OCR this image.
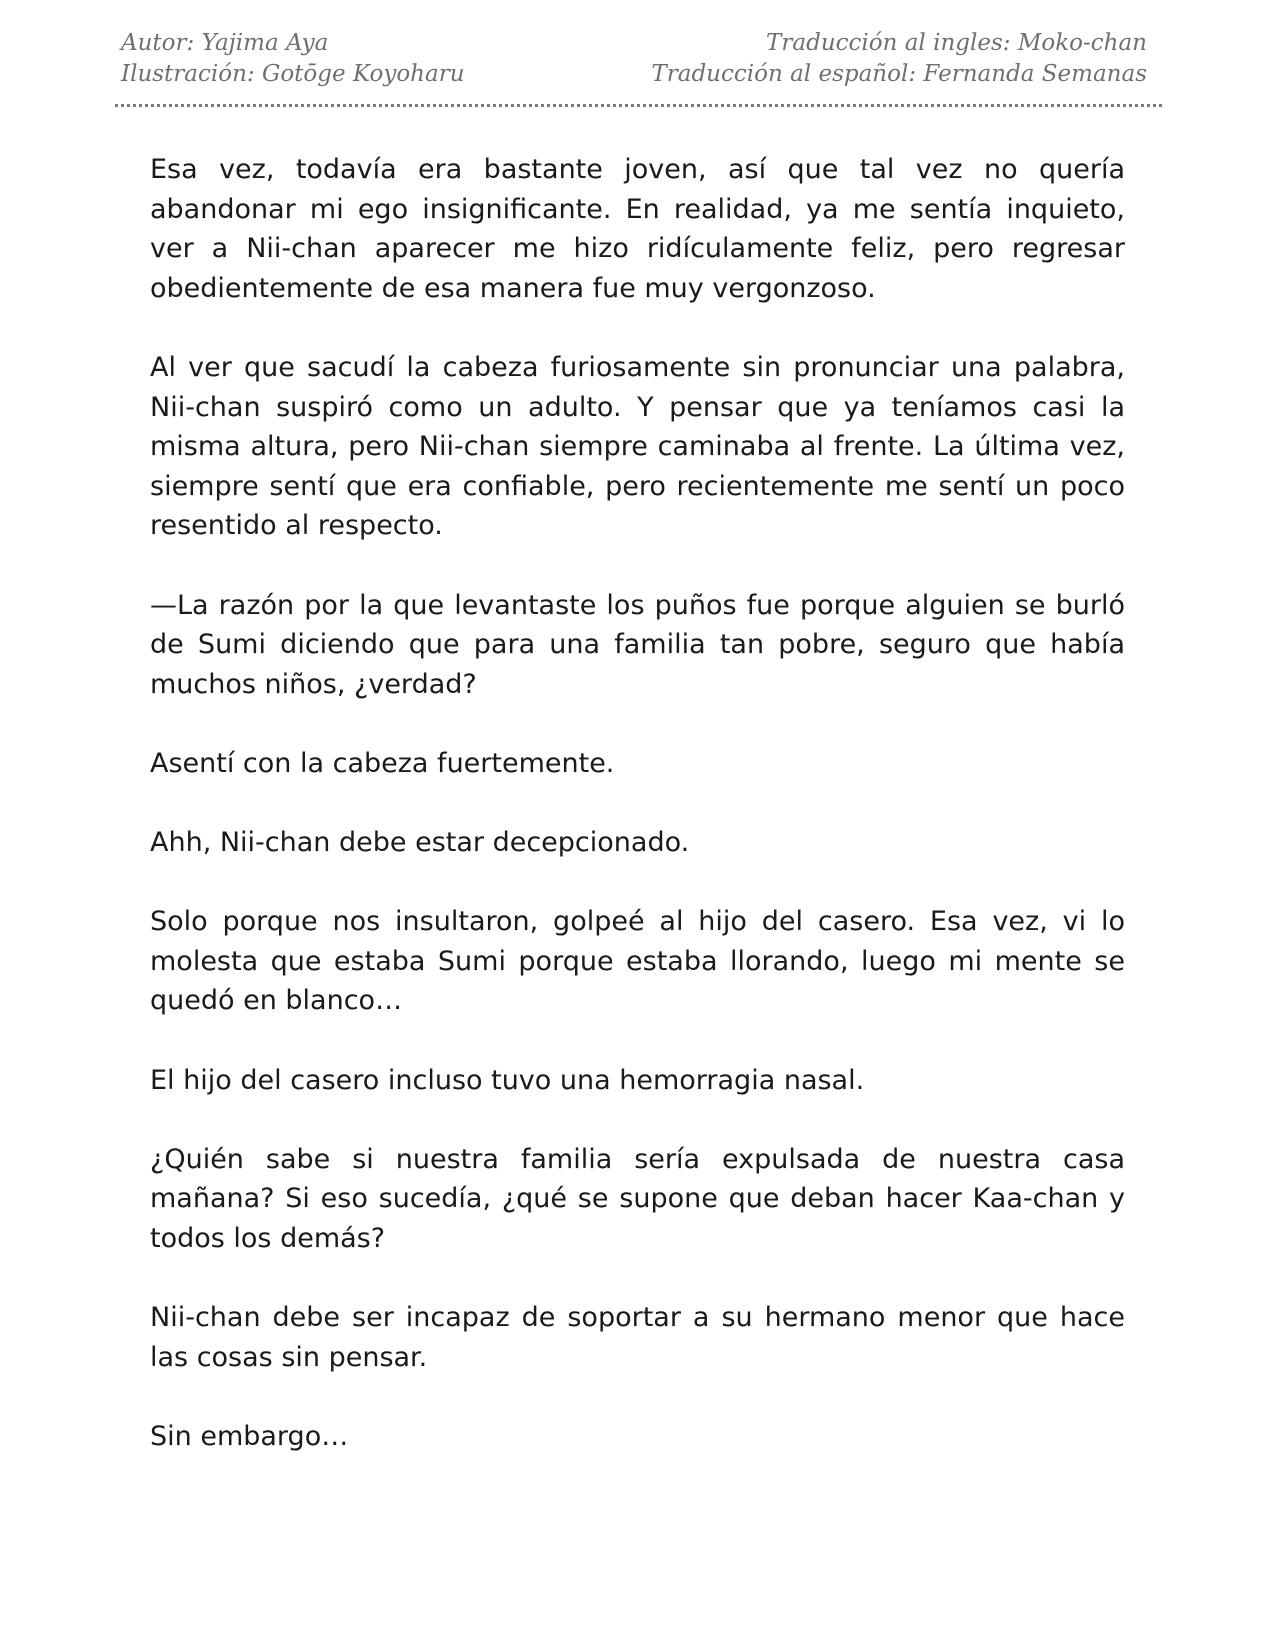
Autor: Yajima Aya
Ilustración: Gotōge Koyoharu
Traducción al ingles: Moko-chan
Traducción al español: Fernanda Semanas

Esa vez, todavía era bastante joven, así que tal vez no quería abandonar mi ego insignificante. En realidad, ya me sentía inquieto, ver a Nii-chan aparecer me hizo ridículamente feliz, pero regresar obedientemente de esa manera fue muy vergonzoso.

Al ver que sacudí la cabeza furiosamente sin pronunciar una palabra, Nii-chan suspiró como un adulto. Y pensar que ya teníamos casi la misma altura, pero Nii-chan siempre caminaba al frente. La última vez, siempre sentí que era confiable, pero recientemente me sentí un poco resentido al respecto.

—La razón por la que levantaste los puños fue porque alguien se burló de Sumi diciendo que para una familia tan pobre, seguro que había muchos niños, ¿verdad?

Asentí con la cabeza fuertemente.

Ahh, Nii-chan debe estar decepcionado.

Solo porque nos insultaron, golpeé al hijo del casero. Esa vez, vi lo molesta que estaba Sumi porque estaba llorando, luego mi mente se quedó en blanco…

El hijo del casero incluso tuvo una hemorragia nasal.

¿Quién sabe si nuestra familia sería expulsada de nuestra casa mañana? Si eso sucedía, ¿qué se supone que deban hacer Kaa-chan y todos los demás?

Nii-chan debe ser incapaz de soportar a su hermano menor que hace las cosas sin pensar.

Sin embargo…
